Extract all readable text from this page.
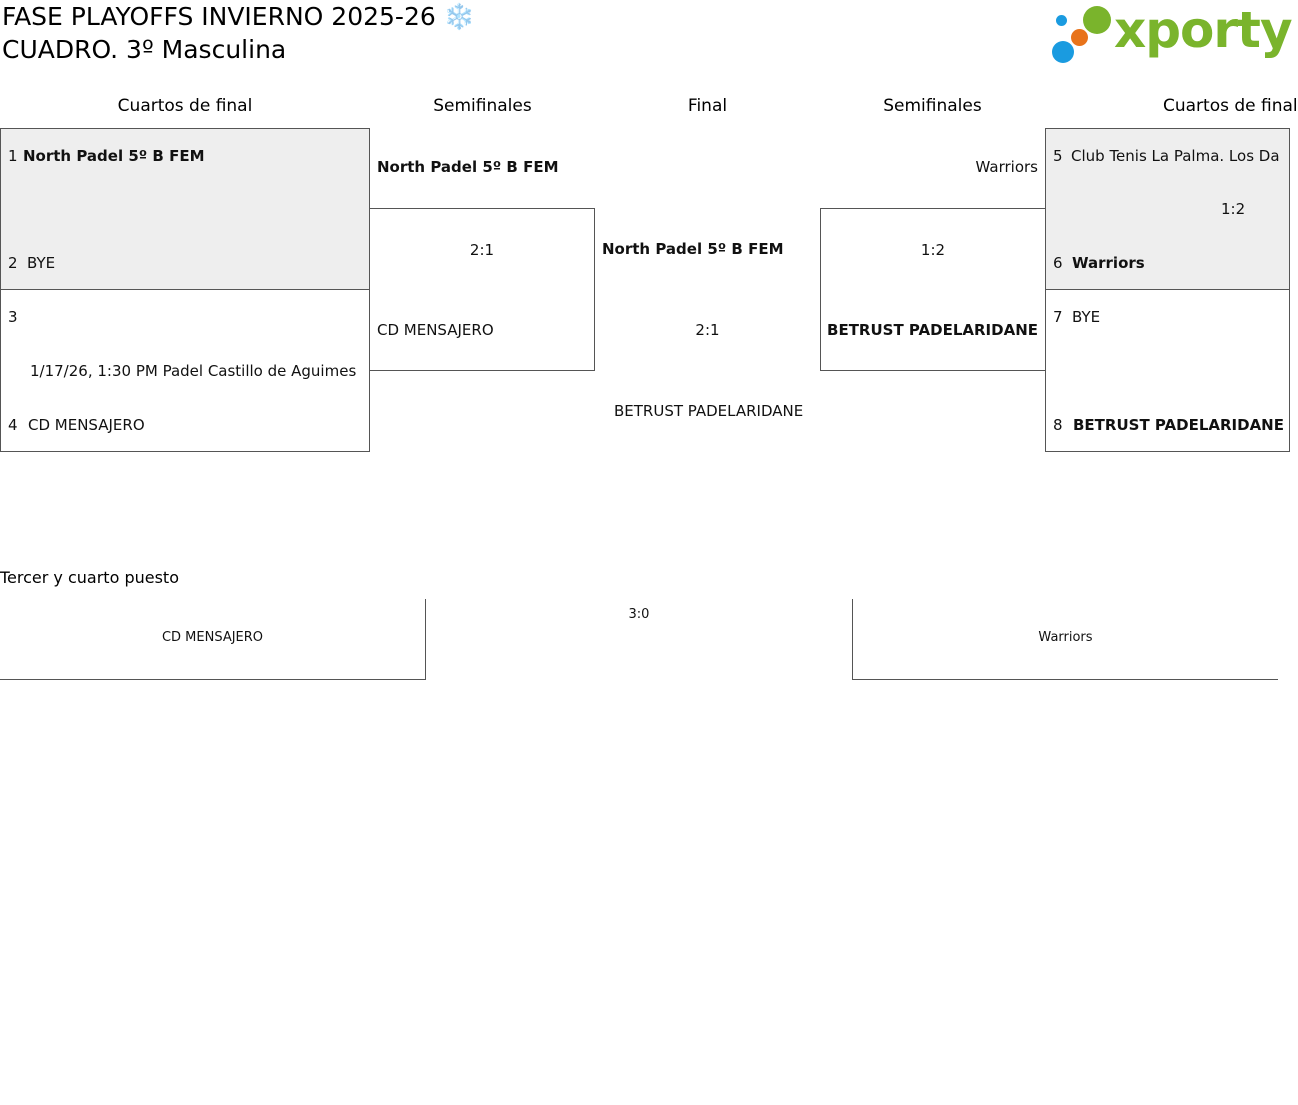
FASE PLAYOFFS INVIERNO 2025-26 ❄️
CUADRO. 3º Masculina	xporty
Cuartos de final	Semifinales	Final	Semifinales	Cuartos de final
1 North Padel 5º B FEM
2 BYE
3
1/17/26, 1:30 PM Padel Castillo de Aguimes
4 CD MENSAJERO
North Padel 5º B FEM
2:1
CD MENSAJERO
North Padel 5º B FEM
2:1
BETRUST PADELARIDANE
Warriors
1:2
BETRUST PADELARIDANE
5 Club Tenis La Palma. Los Da
1:2
6 Warriors
7 BYE
8 BETRUST PADELARIDANE
Tercer y cuarto puesto
CD MENSAJERO
3:0
Warriors
